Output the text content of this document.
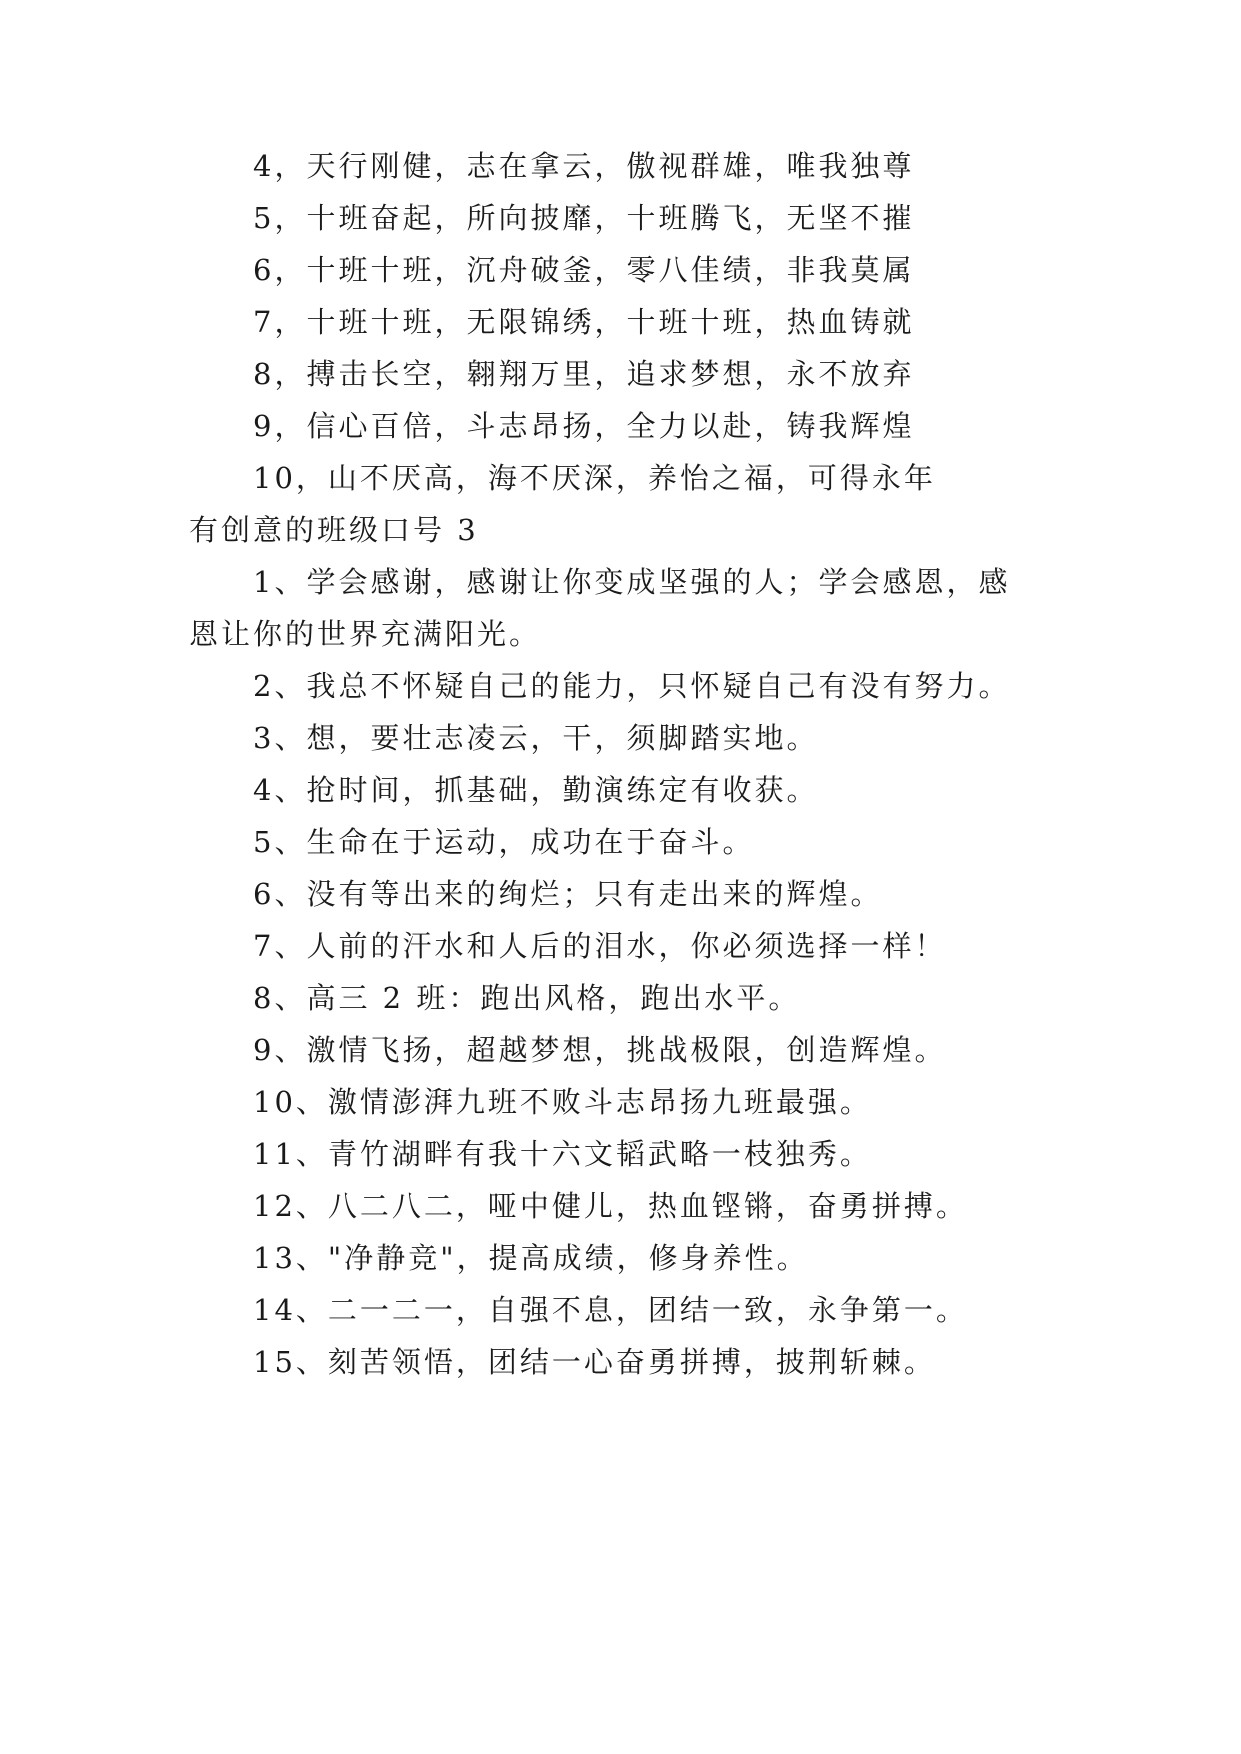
4，天行刚健，志在拿云，傲视群雄，唯我独尊
5，十班奋起，所向披靡，十班腾飞，无坚不摧
6，十班十班，沉舟破釜，零八佳绩，非我莫属
7，十班十班，无限锦绣，十班十班，热血铸就
8，搏击长空，翱翔万里，追求梦想，永不放弃
9，信心百倍，斗志昂扬，全力以赴，铸我辉煌
10，山不厌高，海不厌深，养怡之福，可得永年
有创意的班级口号 3
1、学会感谢，感谢让你变成坚强的人；学会感恩，感
恩让你的世界充满阳光。
2、我总不怀疑自己的能力，只怀疑自己有没有努力。
3、想，要壮志凌云，干，须脚踏实地。
4、抢时间，抓基础，勤演练定有收获。
5、生命在于运动，成功在于奋斗。
6、没有等出来的绚烂；只有走出来的辉煌。
7、人前的汗水和人后的泪水，你必须选择一样！
8、高三 2 班：跑出风格，跑出水平。
9、激情飞扬，超越梦想，挑战极限，创造辉煌。
10、激情澎湃九班不败斗志昂扬九班最强。
11、青竹湖畔有我十六文韬武略一枝独秀。
12、八二八二，哑中健儿，热血铿锵，奋勇拼搏。
13、"净静竞"，提高成绩，修身养性。
14、二一二一，自强不息，团结一致，永争第一。
15、刻苦领悟，团结一心奋勇拼搏，披荆斩棘。
